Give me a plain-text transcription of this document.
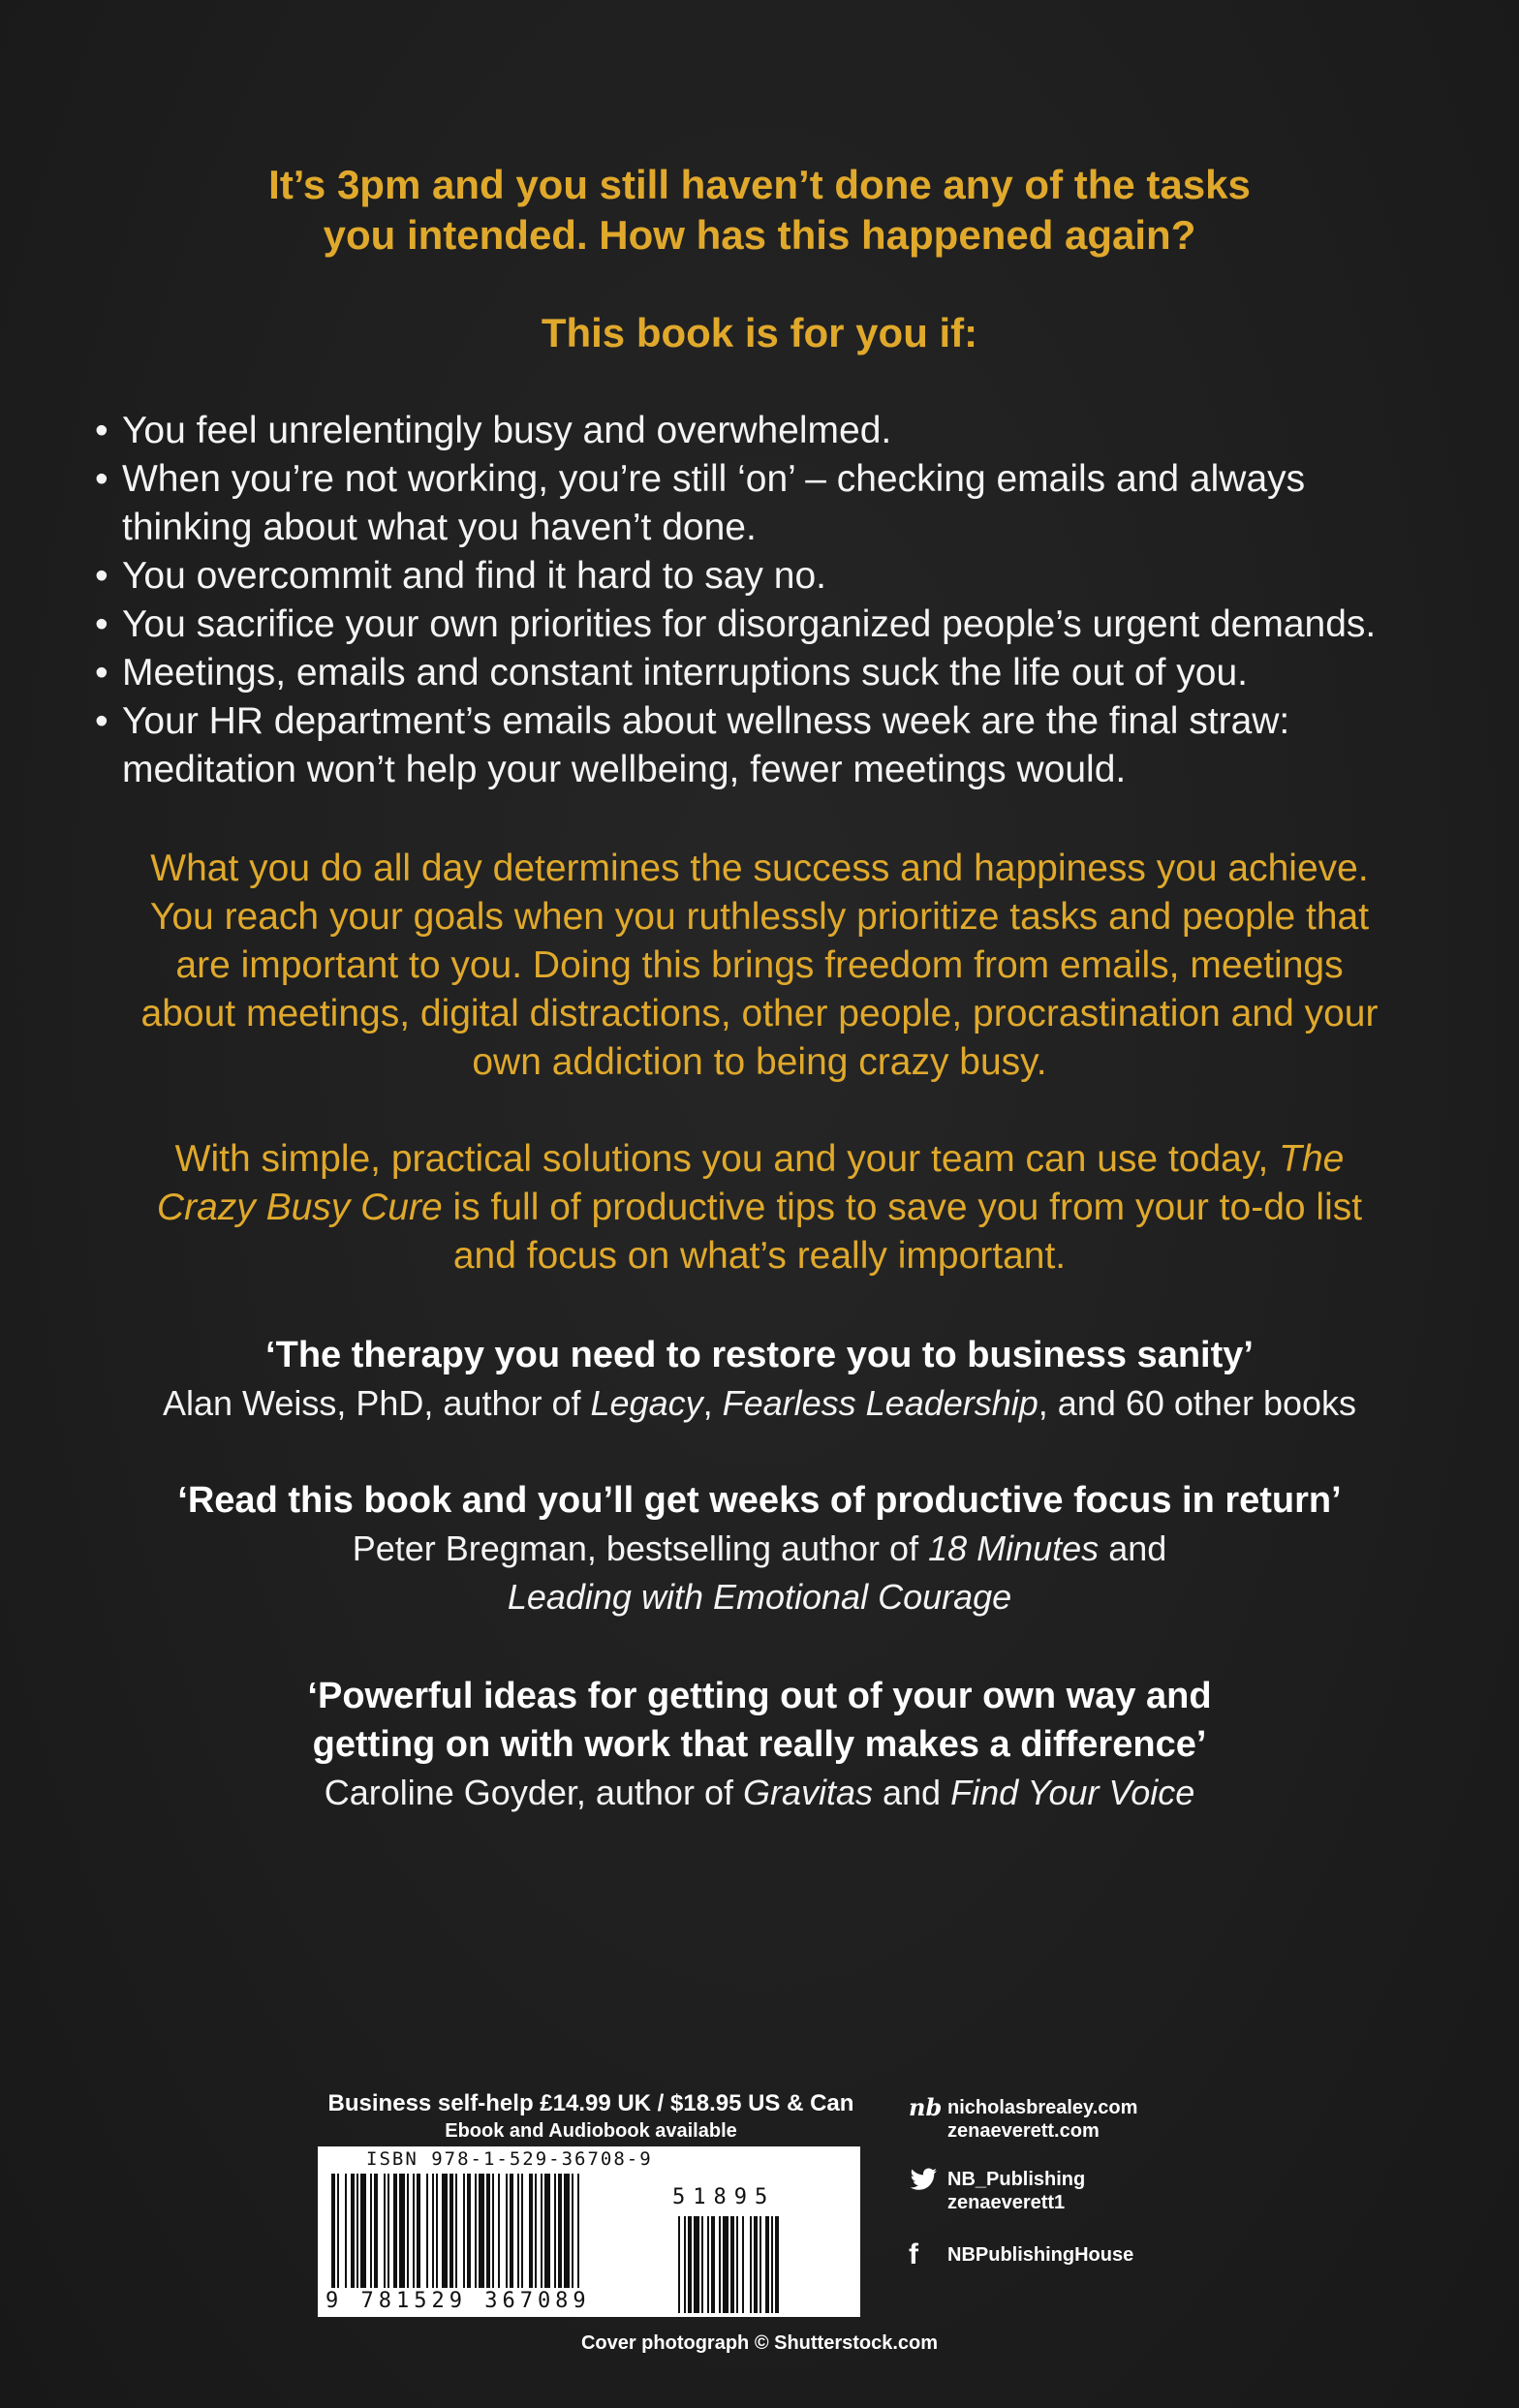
It’s 3pm and you still haven’t done any of the tasks
you intended. How has this happened again?

This book is for you if:

• You feel unrelentingly busy and overwhelmed.
• When you’re not working, you’re still ‘on’ – checking emails and always
thinking about what you haven’t done.
• You overcommit and find it hard to say no.
• You sacrifice your own priorities for disorganized people’s urgent demands.
• Meetings, emails and constant interruptions suck the life out of you.
• Your HR department’s emails about wellness week are the final straw:
meditation won’t help your wellbeing, fewer meetings would.

What you do all day determines the success and happiness you achieve.
You reach your goals when you ruthlessly prioritize tasks and people that
are important to you. Doing this brings freedom from emails, meetings
about meetings, digital distractions, other people, procrastination and your
own addiction to being crazy busy.

With simple, practical solutions you and your team can use today, The
Crazy Busy Cure is full of productive tips to save you from your to-do list
and focus on what’s really important.

‘The therapy you need to restore you to business sanity’
Alan Weiss, PhD, author of Legacy, Fearless Leadership, and 60 other books
‘Read this book and you’ll get weeks of productive focus in return’
Peter Bregman, bestselling author of 18 Minutes and
Leading with Emotional Courage
‘Powerful ideas for getting out of your own way and
getting on with work that really makes a difference’
Caroline Goyder, author of Gravitas and Find Your Voice
Business self-help £14.99 UK / $18.95 US & Can
Ebook and Audiobook available
ISBN 978-1-529-36708-9
51895
9 781529 367089
nb nicholasbrealey.com
zenaeverett.com
NB_Publishing
zenaeverett1
f NBPublishingHouse
Cover photograph © Shutterstock.com
